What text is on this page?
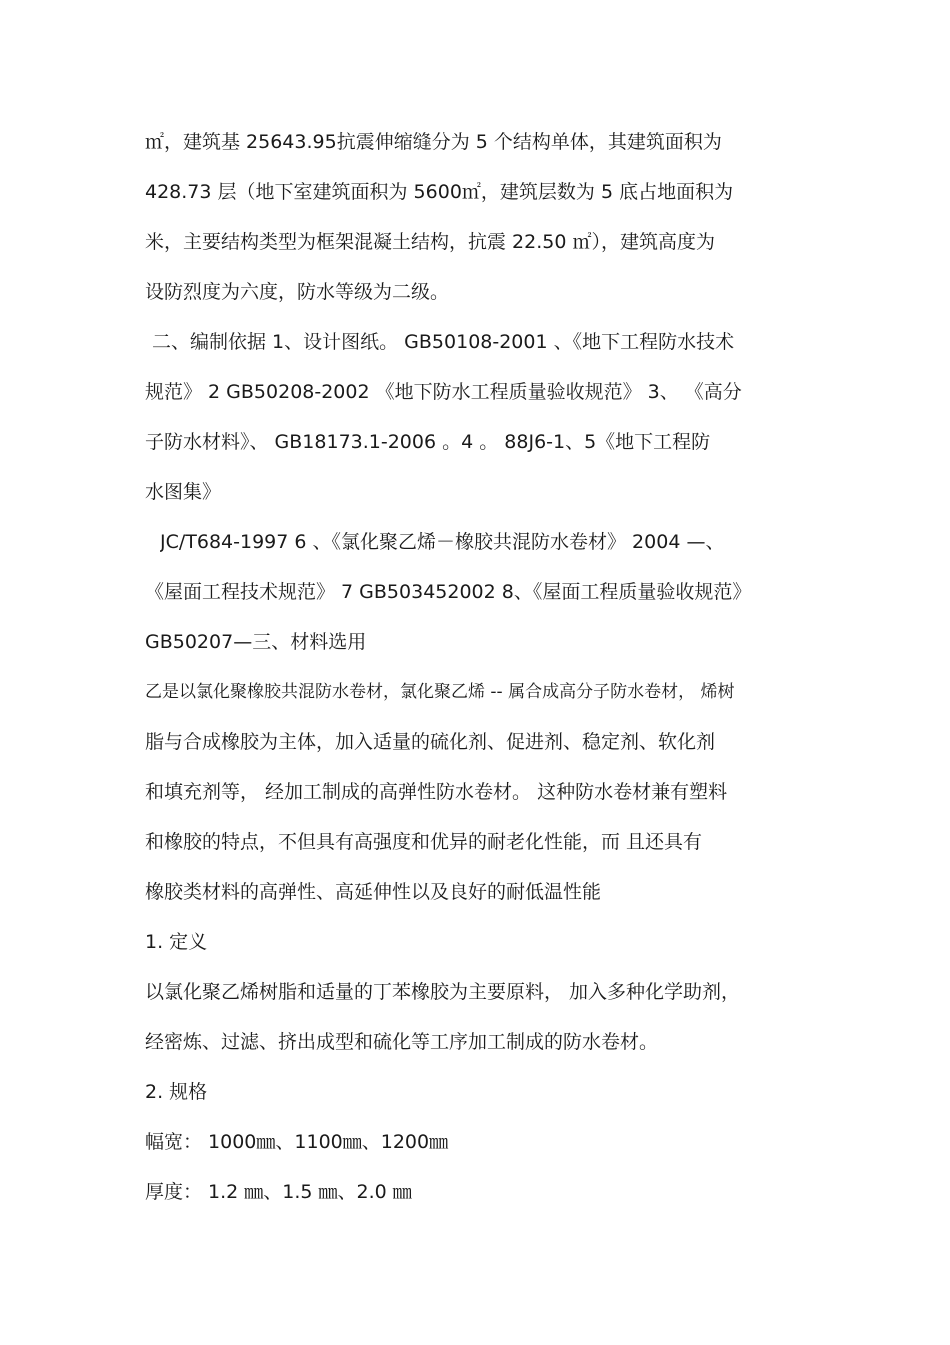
㎡，建筑基 25643.95抗震伸缩缝分为 5 个结构单体，其建筑面积为
428.73 层（地下室建筑面积为 5600㎡，建筑层数为 5 底占地面积为
米，主要结构类型为框架混凝土结构，抗震 22.50 ㎡），建筑高度为
设防烈度为六度，防水等级为二级。
二、编制依据 1、设计图纸。 GB50108-2001 、《地下工程防水技术
规范》 2 GB50208-2002 《地下防水工程质量验收规范》 3、 《高分
子防水材料》、 GB18173.1-2006 。4 。 88J6-1、5《地下工程防
水图集》
JC/T684-1997 6 、《氯化聚乙烯－橡胶共混防水卷材》 2004 —、
《屋面工程技术规范》 7 GB503452002 8、《屋面工程质量验收规范》
GB50207—三、材料选用
乙是以氯化聚橡胶共混防水卷材，氯化聚乙烯 -- 属合成高分子防水卷材， 烯树
脂与合成橡胶为主体，加入适量的硫化剂、促进剂、稳定剂、软化剂
和填充剂等， 经加工制成的高弹性防水卷材。 这种防水卷材兼有塑料
和橡胶的特点，不但具有高强度和优异的耐老化性能，而 且还具有
橡胶类材料的高弹性、高延伸性以及良好的耐低温性能
1. 定义
以氯化聚乙烯树脂和适量的丁苯橡胶为主要原料， 加入多种化学助剂，
经密炼、过滤、挤出成型和硫化等工序加工制成的防水卷材。
2. 规格
幅宽： 1000㎜、1100㎜、1200㎜
厚度： 1.2 ㎜、1.5 ㎜、2.0 ㎜
